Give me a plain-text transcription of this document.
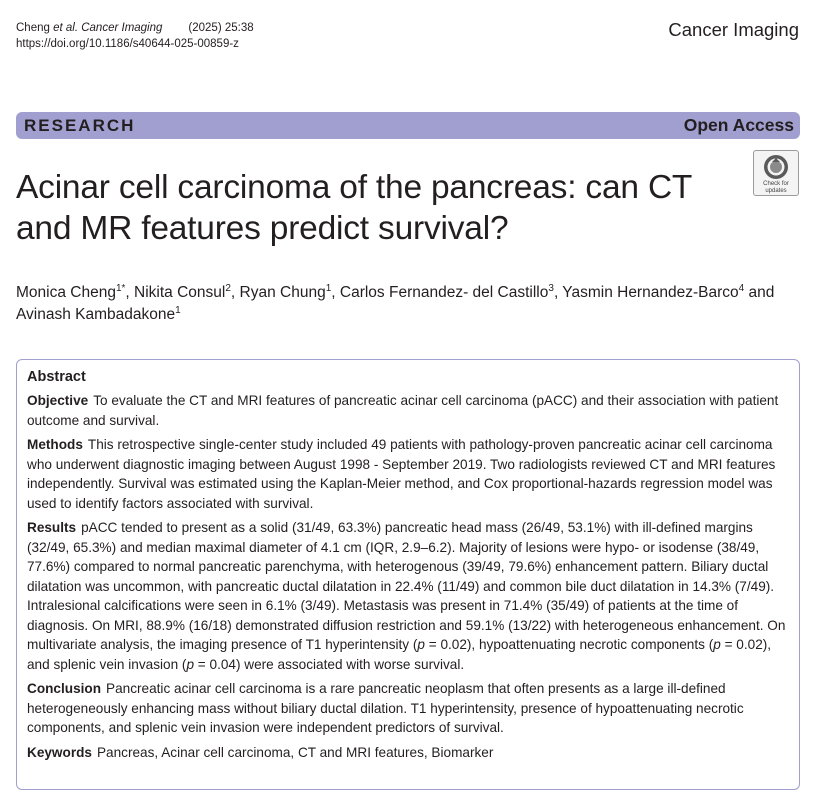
Cheng et al. Cancer Imaging (2025) 25:38
https://doi.org/10.1186/s40644-025-00859-z
Cancer Imaging
RESEARCH	Open Access
Acinar cell carcinoma of the pancreas: can CT and MR features predict survival?
Check for
updates
Monica Cheng$^{1*}$, Nikita Consul$^2$, Ryan Chung$^1$, Carlos Fernandez- del Castillo$^3$, Yasmin Hernandez-Barco$^4$ and
Avinash Kambadakone$^1$
Abstract

Objective To evaluate the CT and MRI features of pancreatic acinar cell carcinoma (pACC) and their association with patient outcome and survival.

Methods This retrospective single-center study included 49 patients with pathology-proven pancreatic acinar cell carcinoma who underwent diagnostic imaging between August 1998 - September 2019. Two radiologists reviewed CT and MRI features independently. Survival was estimated using the Kaplan-Meier method, and Cox proportional-hazards regression model was used to identify factors associated with survival.

Results pACC tended to present as a solid (31/49, 63.3%) pancreatic head mass (26/49, 53.1%) with ill-defined margins (32/49, 65.3%) and median maximal diameter of 4.1 cm (IQR, 2.9–6.2). Majority of lesions were hypo- or isodense (38/49, 77.6%) compared to normal pancreatic parenchyma, with heterogenous (39/49, 79.6%) enhancement pattern. Biliary ductal dilatation was uncommon, with pancreatic ductal dilatation in 22.4% (11/49) and common bile duct dilatation in 14.3% (7/49). Intralesional calcifications were seen in 6.1% (3/49). Metastasis was present in 71.4% (35/49) of patients at the time of diagnosis. On MRI, 88.9% (16/18) demonstrated diffusion restriction and 59.1% (13/22) with heterogeneous enhancement. On multivariate analysis, the imaging presence of T1 hyperintensity (p = 0.02), hypoattenuating necrotic components (p = 0.02), and splenic vein invasion (p = 0.04) were associated with worse survival.

Conclusion Pancreatic acinar cell carcinoma is a rare pancreatic neoplasm that often presents as a large ill-defined heterogeneously enhancing mass without biliary ductal dilation. T1 hyperintensity, presence of hypoattenuating necrotic components, and splenic vein invasion were independent predictors of survival.

Keywords Pancreas, Acinar cell carcinoma, CT and MRI features, Biomarker
